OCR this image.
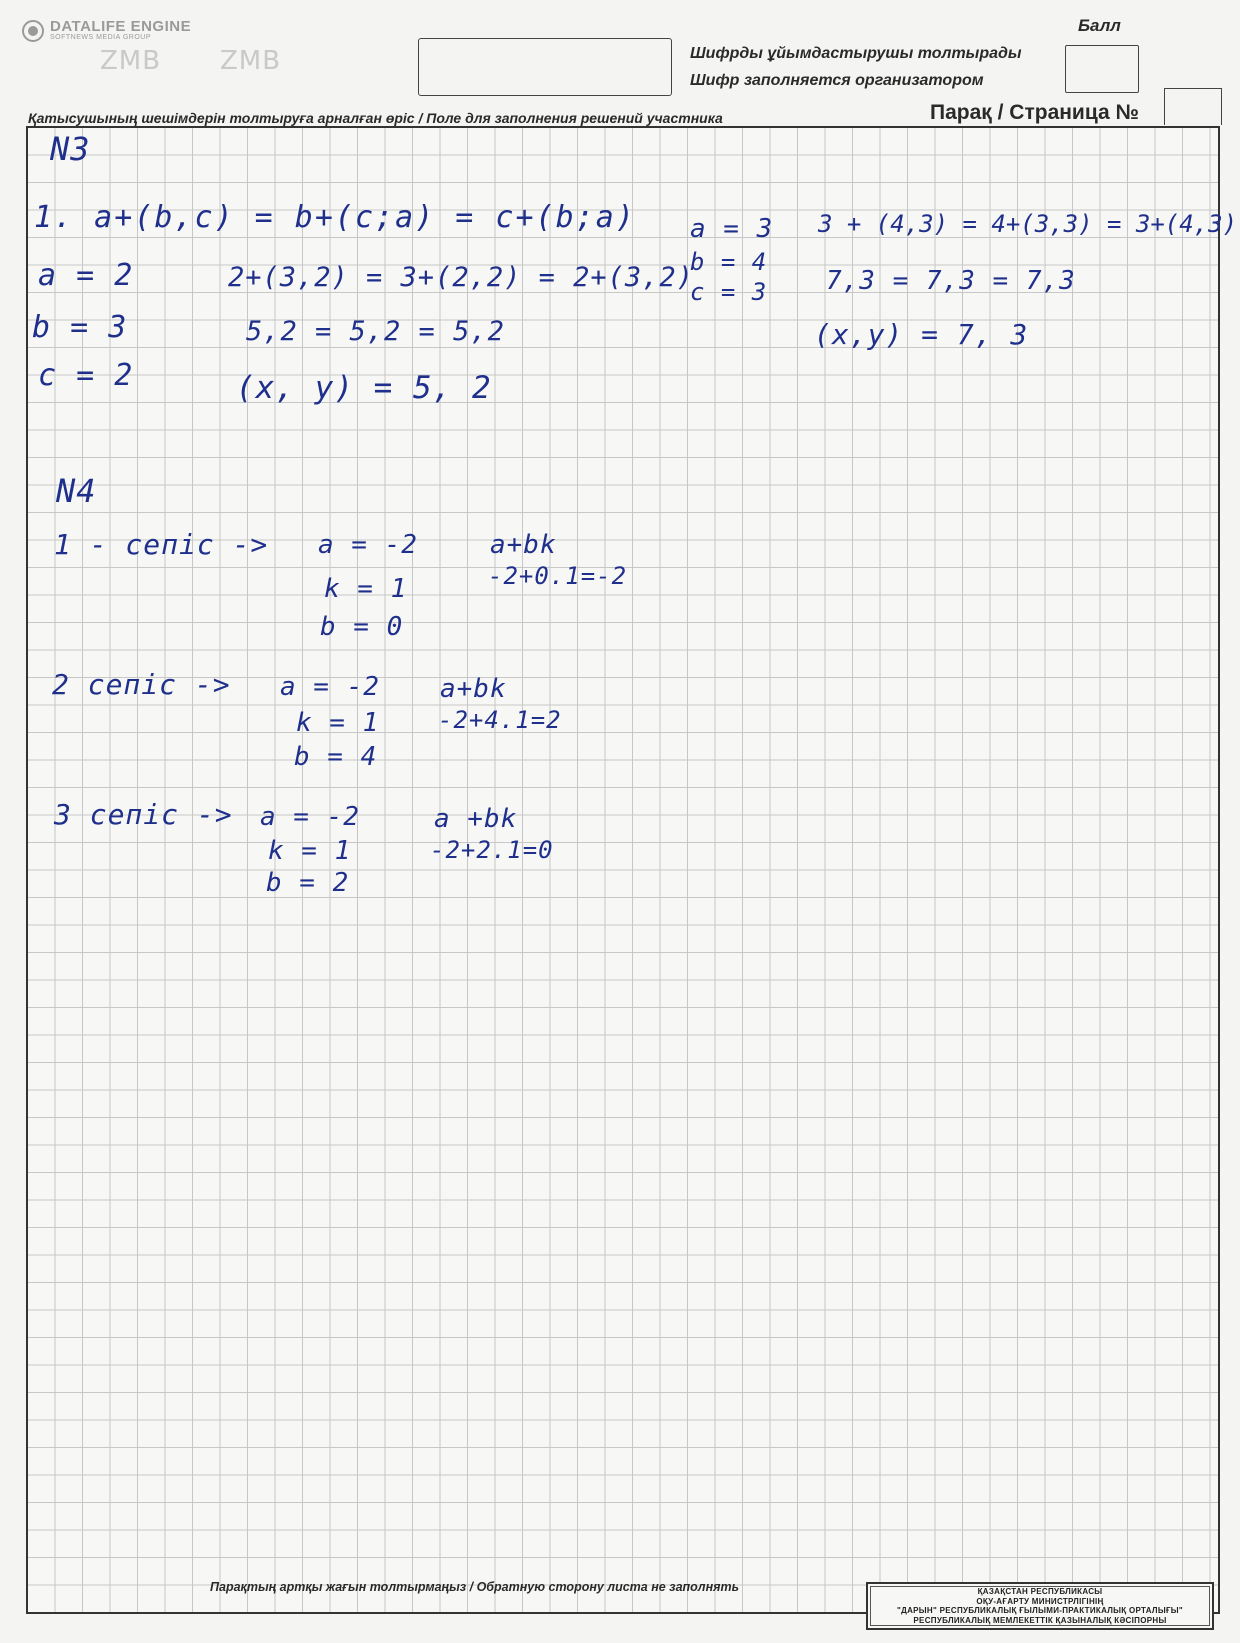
DATALIFE ENGINE
SOFTNEWS MEDIA GROUP
ZMB ZMB	Шифрды ұйымдастырушы толтырады
Шифр заполняется организатором
Балл
Қатысушының шешімдерін толтыруға арналған өріс / Поле для заполнения решений участника	Парақ / Страница №
N3
1. a+(b,c) = b+(c;a) = c+(b;a)
a = 2
b = 3
c = 2
2+(3,2) = 3+(2,2) = 2+(3,2)
5,2 = 5,2 = 5,2
(x, y) = 5, 2
a = 3
b = 4
c = 3
3 + (4,3) = 4+(3,3) = 3+(4,3)
7,3 = 7,3 = 7,3
(x,y) = 7, 3
N4
1 - сепіс -> a = -2
k = 1
b = 0
a+bk
-2+0.1=-2
2 сепіс -> a = -2
k = 1
b = 4
a+bk
-2+4.1=2
3 сепіс -> a = -2
k = 1
b = 2
a +bk
-2+2.1=0
Парақтың артқы жағын толтырмаңыз / Обратную сторону листа не заполнять	ҚАЗАҚСТАН РЕСПУБЛИКАСЫ
ОҚУ-АҒАРТУ МИНИСТРЛІГІНІҢ
"ДАРЫН" РЕСПУБЛИКАЛЫҚ ҒЫЛЫМИ-ПРАКТИКАЛЫҚ ОРТАЛЫҒЫ"
РЕСПУБЛИКАЛЫҚ МЕМЛЕКЕТТІК ҚАЗЫНАЛЫҚ КӘСІПОРНЫ
